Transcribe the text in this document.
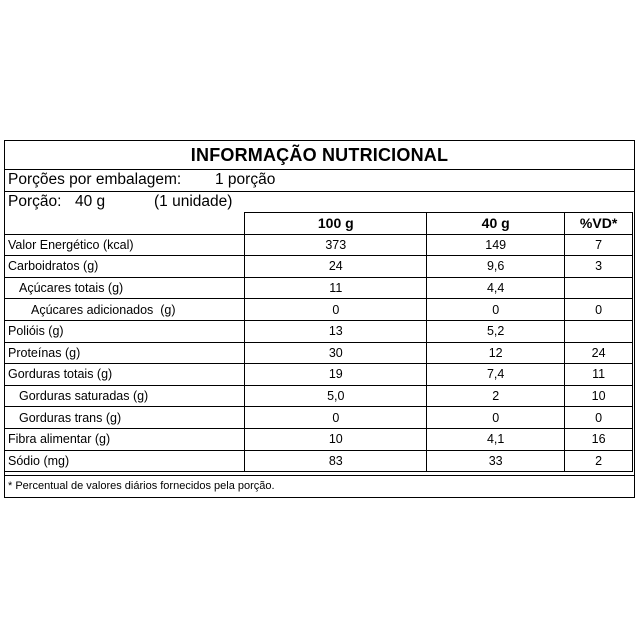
INFORMAÇÃO NUTRICIONAL
Porções por embalagem: 1 porção
Porção: 40 g	(1 unidade)
	100 g	40 g	%VD*
Valor Energético (kcal)	373	149	7
Carboidratos (g)	24	9,6	3
Açúcares totais (g)	11	4,4	
Açúcares adicionados  (g)	0	0	0
Polióis (g)	13	5,2	
Proteínas (g)	30	12	24
Gorduras totais (g)	19	7,4	11
Gorduras saturadas (g)	5,0	2	10
Gorduras trans (g)	0	0	0
Fibra alimentar (g)	10	4,1	16
Sódio (mg)	83	33	2
* Percentual de valores diários fornecidos pela porção.
